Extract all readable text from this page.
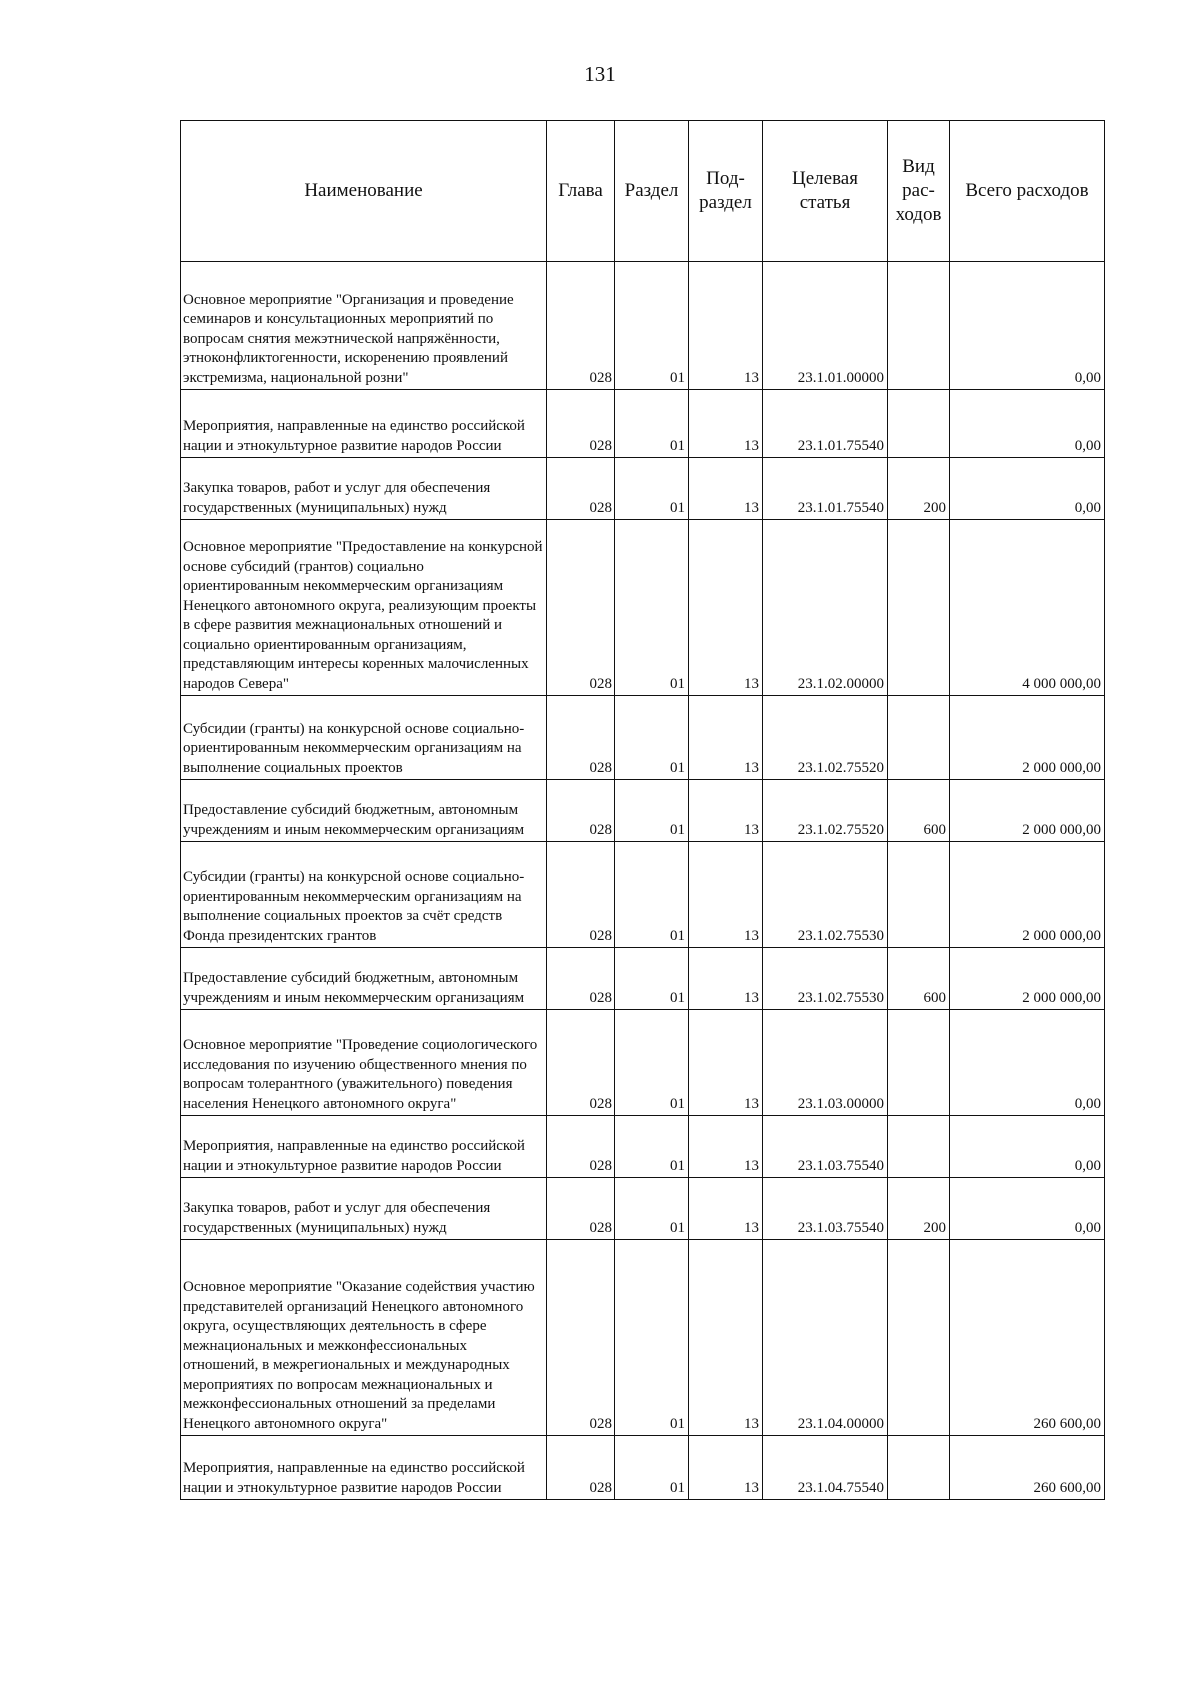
131
Наименование	Глава	Раздел	Под-раздел	Целевая статья	Вид рас-ходов	Всего расходов
Основное мероприятие "Организация и проведение семинаров и консультационных мероприятий по вопросам снятия межэтнической напряжённости, этноконфликтогенности, искоренению проявлений экстремизма, национальной розни"	028	01	13	23.1.01.00000		0,00
Мероприятия, направленные на единство российской нации и этнокультурное развитие народов России	028	01	13	23.1.01.75540		0,00
Закупка товаров, работ и услуг для обеспечения государственных (муниципальных) нужд	028	01	13	23.1.01.75540	200	0,00
Основное мероприятие "Предоставление на конкурсной основе субсидий (грантов) социально ориентированным некоммерческим организациям Ненецкого автономного округа, реализующим проекты в сфере развития межнациональных отношений и социально ориентированным организациям, представляющим интересы коренных малочисленных народов Севера"	028	01	13	23.1.02.00000		4 000 000,00
Субсидии (гранты) на конкурсной основе социально-ориентированным некоммерческим организациям на выполнение социальных проектов	028	01	13	23.1.02.75520		2 000 000,00
Предоставление субсидий бюджетным, автономным учреждениям и иным некоммерческим организациям	028	01	13	23.1.02.75520	600	2 000 000,00
Субсидии (гранты) на конкурсной основе социально-ориентированным некоммерческим организациям на выполнение социальных проектов за счёт средств Фонда президентских грантов	028	01	13	23.1.02.75530		2 000 000,00
Предоставление субсидий бюджетным, автономным учреждениям и иным некоммерческим организациям	028	01	13	23.1.02.75530	600	2 000 000,00
Основное мероприятие "Проведение социологического исследования по изучению общественного мнения по вопросам толерантного (уважительного) поведения населения Ненецкого автономного округа"	028	01	13	23.1.03.00000		0,00
Мероприятия, направленные на единство российской нации и этнокультурное развитие народов России	028	01	13	23.1.03.75540		0,00
Закупка товаров, работ и услуг для обеспечения государственных (муниципальных) нужд	028	01	13	23.1.03.75540	200	0,00
Основное мероприятие "Оказание содействия участию представителей организаций Ненецкого автономного округа, осуществляющих деятельность в сфере межнациональных и межконфессиональных отношений, в межрегиональных и международных мероприятиях по вопросам межнациональных и межконфессиональных отношений за пределами Ненецкого автономного округа"	028	01	13	23.1.04.00000		260 600,00
Мероприятия, направленные на единство российской нации и этнокультурное развитие народов России	028	01	13	23.1.04.75540		260 600,00
